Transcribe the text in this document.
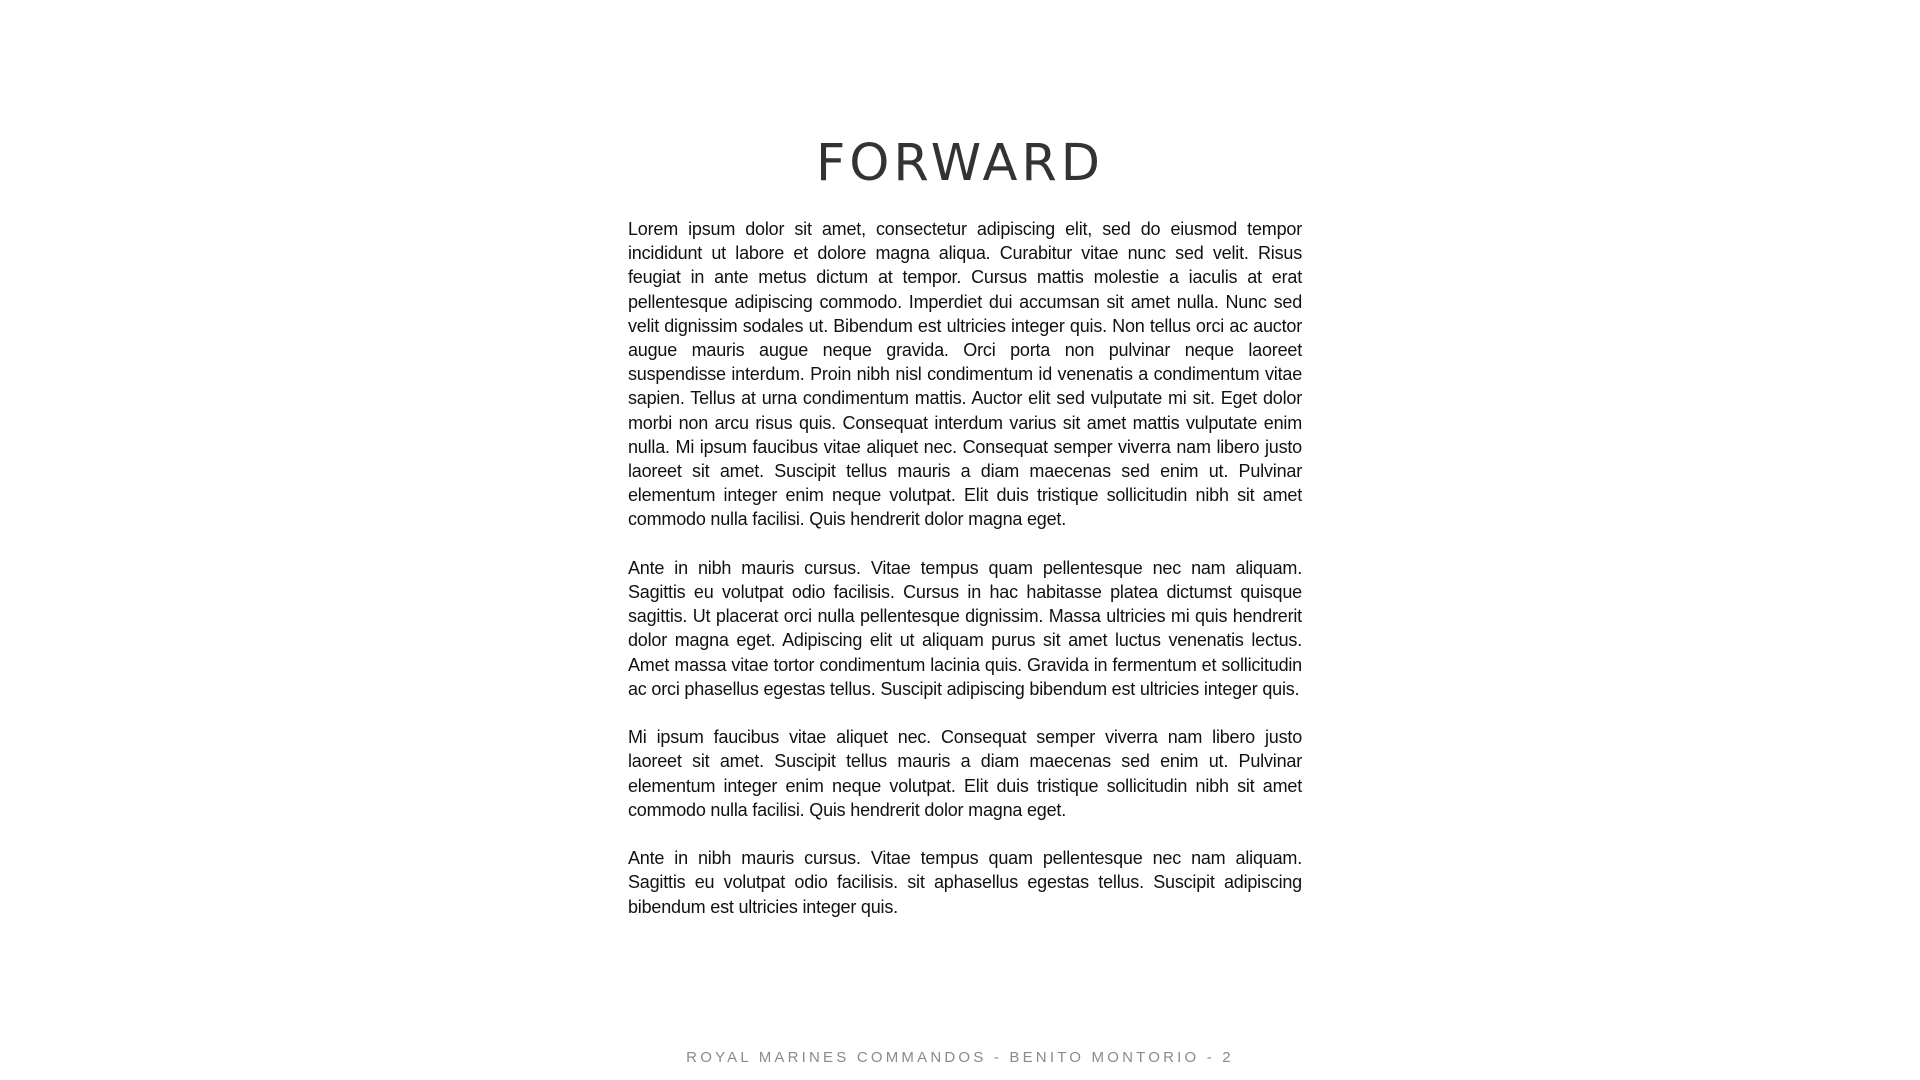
FORWARD

Lorem ipsum dolor sit amet, consectetur adipiscing elit, sed do eiusmod tempor incididunt ut labore et dolore magna aliqua. Curabitur vitae nunc sed velit. Risus feugiat in ante metus dictum at tempor. Cursus mattis molestie a iaculis at erat pellentesque adipiscing commodo. Imperdiet dui accumsan sit amet nulla. Nunc sed velit dignissim sodales ut. Bibendum est ultricies integer quis. Non tellus orci ac auctor augue mauris augue neque gravida. Orci porta non pulvinar neque laoreet suspendisse interdum. Proin nibh nisl condimentum id venenatis a condimentum vitae sapien. Tellus at urna condimentum mattis. Auctor elit sed vulputate mi sit. Eget dolor morbi non arcu risus quis. Consequat interdum varius sit amet mattis vulputate enim nulla. Mi ipsum faucibus vitae aliquet nec. Consequat semper viverra nam libero justo laoreet sit amet. Suscipit tellus mauris a diam maecenas sed enim ut. Pulvinar elementum integer enim neque volutpat. Elit duis tristique sollicitudin nibh sit amet commodo nulla facilisi. Quis hendrerit dolor magna eget.

Ante in nibh mauris cursus. Vitae tempus quam pellentesque nec nam aliquam. Sagittis eu volutpat odio facilisis. Cursus in hac habitasse platea dictumst quisque sagittis. Ut placerat orci nulla pellentesque dignissim. Massa ultricies mi quis hendrerit dolor magna eget. Adipiscing elit ut aliquam purus sit amet luctus venenatis lectus. Amet massa vitae tortor condimentum lacinia quis. Gravida in fermentum et sollicitudin ac orci phasellus egestas tellus. Suscipit adipiscing bibendum est ultricies integer quis.

Mi ipsum faucibus vitae aliquet nec. Consequat semper viverra nam libero justo laoreet sit amet. Suscipit tellus mauris a diam maecenas sed enim ut. Pulvinar elementum integer enim neque volutpat. Elit duis tristique sollicitudin nibh sit amet commodo nulla facilisi. Quis hendrerit dolor magna eget.

Ante in nibh mauris cursus. Vitae tempus quam pellentesque nec nam aliquam. Sagittis eu volutpat odio facilisis. sit aphasellus egestas tellus. Suscipit adipiscing bibendum est ultricies integer quis.

ROYAL MARINES COMMANDOS - BENITO MONTORIO - 2
